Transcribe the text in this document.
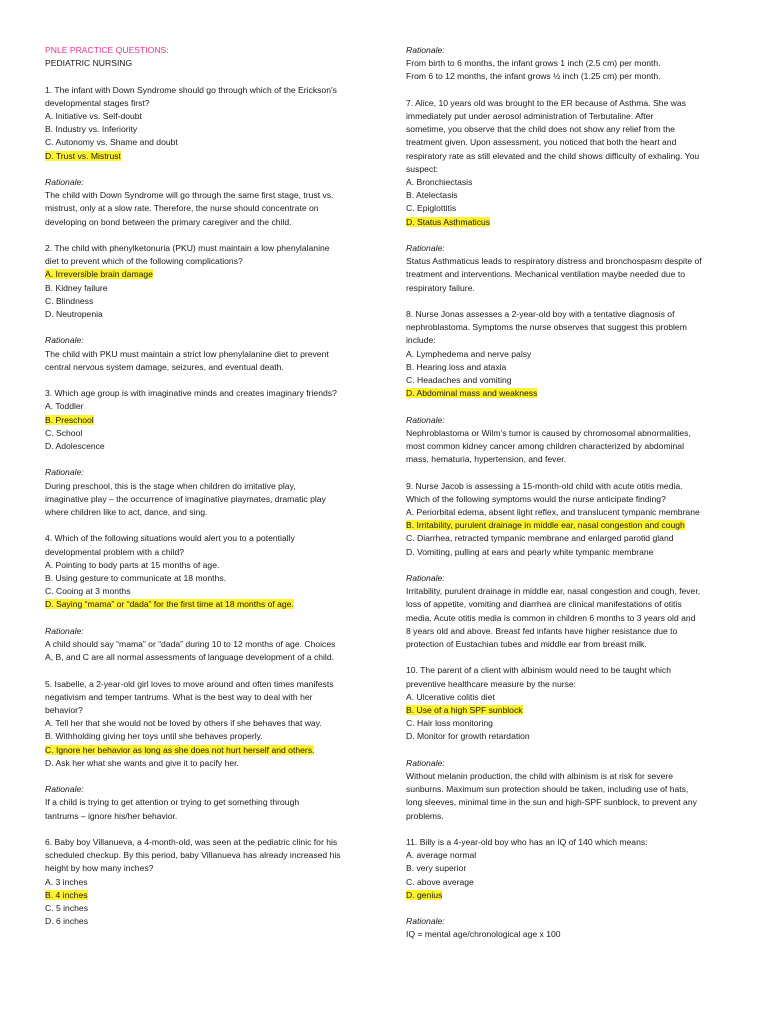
PNLE PRACTICE QUESTIONS:
PEDIATRIC NURSING
1. The infant with Down Syndrome should go through which of the Erickson's
developmental stages first?
A. Initiative vs. Self-doubt
B. Industry vs. Inferiority
C. Autonomy vs. Shame and doubt
D. Trust vs. Mistrust
Rationale:
The child with Down Syndrome will go through the same first stage, trust vs.
mistrust, only at a slow rate. Therefore, the nurse should concentrate on
developing on bond between the primary caregiver and the child.
2. The child with phenylketonuria (PKU) must maintain a low phenylalanine
diet to prevent which of the following complications?
A. Irreversible brain damage
B. Kidney failure
C. Blindness
D. Neutropenia
Rationale:
The child with PKU must maintain a strict low phenylalanine diet to prevent
central nervous system damage, seizures, and eventual death.
3. Which age group is with imaginative minds and creates imaginary friends?
A. Toddler
B. Preschool
C. School
D. Adolescence
Rationale:
During preschool, this is the stage when children do imitative play,
imaginative play – the occurrence of imaginative playmates, dramatic play
where children like to act, dance, and sing.
4. Which of the following situations would alert you to a potentially
developmental problem with a child?
A. Pointing to body parts at 15 months of age.
B. Using gesture to communicate at 18 months.
C. Cooing at 3 months
D. Saying “mama” or “dada” for the first time at 18 months of age.
Rationale:
A child should say “mama” or “dada” during 10 to 12 months of age. Choices
A, B, and C are all normal assessments of language development of a child.
5. Isabelle, a 2-year-old girl loves to move around and often times manifests
negativism and temper tantrums. What is the best way to deal with her
behavior?
A. Tell her that she would not be loved by others if she behaves that way.
B. Withholding giving her toys until she behaves properly.
C. Ignore her behavior as long as she does not hurt herself and others.
D. Ask her what she wants and give it to pacify her.
Rationale:
If a child is trying to get attention or trying to get something through
tantrums – ignore his/her behavior.
6. Baby boy Villanueva, a 4-month-old, was seen at the pediatric clinic for his
scheduled checkup. By this period, baby Villanueva has already increased his
height by how many inches?
A. 3 inches
B. 4 inches
C. 5 inches
D. 6 inches
Rationale:
From birth to 6 months, the infant grows 1 inch (2.5 cm) per month.
From 6 to 12 months, the infant grows ½ inch (1.25 cm) per month.
7. Alice, 10 years old was brought to the ER because of Asthma. She was
immediately put under aerosol administration of Terbutaline. After
sometime, you observe that the child does not show any relief from the
treatment given. Upon assessment, you noticed that both the heart and
respiratory rate as still elevated and the child shows difficulty of exhaling. You
suspect:
A. Bronchiectasis
B. Atelectasis
C. Epiglottitis
D. Status Asthmaticus
Rationale:
Status Asthmaticus leads to respiratory distress and bronchospasm despite of
treatment and interventions. Mechanical ventilation maybe needed due to
respiratory failure.
8. Nurse Jonas assesses a 2-year-old boy with a tentative diagnosis of
nephroblastoma. Symptoms the nurse observes that suggest this problem
include:
A. Lymphedema and nerve palsy
B. Hearing loss and ataxia
C. Headaches and vomiting
D. Abdominal mass and weakness
Rationale:
Nephroblastoma or Wilm's tumor is caused by chromosomal abnormalities,
most common kidney cancer among children characterized by abdominal
mass, hematuria, hypertension, and fever.
9. Nurse Jacob is assessing a 15-month-old child with acute otitis media.
Which of the following symptoms would the nurse anticipate finding?
A. Periorbital edema, absent light reflex, and translucent tympanic membrane
B. Irritability, purulent drainage in middle ear, nasal congestion and cough
C. Diarrhea, retracted tympanic membrane and enlarged parotid gland
D. Vomiting, pulling at ears and pearly white tympanic membrane
Rationale:
Irritability, purulent drainage in middle ear, nasal congestion and cough, fever,
loss of appetite, vomiting and diarrhea are clinical manifestations of otitis
media. Acute otitis media is common in children 6 months to 3 years old and
8 years old and above. Breast fed infants have higher resistance due to
protection of Eustachian tubes and middle ear from breast milk.
10. The parent of a client with albinism would need to be taught which
preventive healthcare measure by the nurse:
A. Ulcerative colitis diet
B. Use of a high SPF sunblock
C. Hair loss monitoring
D. Monitor for growth retardation
Rationale:
Without melanin production, the child with albinism is at risk for severe
sunburns. Maximum sun protection should be taken, including use of hats,
long sleeves, minimal time in the sun and high-SPF sunblock, to prevent any
problems.
11. Billy is a 4-year-old boy who has an IQ of 140 which means:
A. average normal
B. very superior
C. above average
D. genius
Rationale:
IQ = mental age/chronological age x 100
